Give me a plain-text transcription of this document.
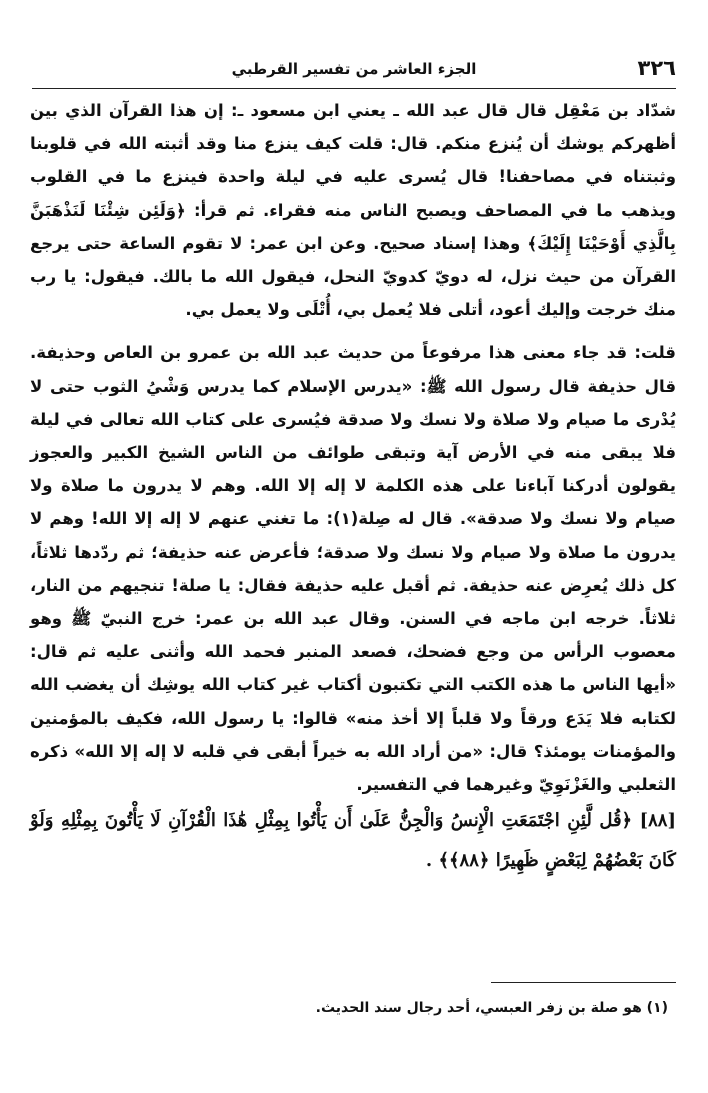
٣٢٦
الجزء العاشر من تفسير القرطبي

شدّاد بن مَعْقِل قال قال عبد الله ـ يعني ابن مسعود ـ: إن هذا القرآن الذي بين أظهركم يوشك أن يُنزع منكم. قال: قلت كيف ينزع منا وقد أثبته الله في قلوبنا وثبتناه في مصاحفنا! قال يُسرى عليه في ليلة واحدة فينزع ما في القلوب ويذهب ما في المصاحف ويصبح الناس منه فقراء. ثم قرأ: ﴿وَلَئِن شِئْنَا لَنَذْهَبَنَّ بِالَّذِي أَوْحَيْنَا إِلَيْكَ﴾ وهذا إسناد صحيح. وعن ابن عمر: لا تقوم الساعة حتى يرجع القرآن من حيث نزل، له دويّ كدويّ النحل، فيقول الله ما بالك. فيقول: يا رب منك خرجت وإليك أعود، أتلى فلا يُعمل بي، أُتْلَى ولا يعمل بي.

قلت: قد جاء معنى هذا مرفوعاً من حديث عبد الله بن عمرو بن العاص وحذيفة. قال حذيفة قال رسول الله ﷺ: «يدرس الإسلام كما يدرس وَشْيُ الثوب حتى لا يُدْرى ما صيام ولا صلاة ولا نسك ولا صدقة فيُسرى على كتاب الله تعالى في ليلة فلا يبقى منه في الأرض آية وتبقى طوائف من الناس الشيخ الكبير والعجوز يقولون أدركنا آباءنا على هذه الكلمة لا إله إلا الله. وهم لا يدرون ما صلاة ولا صيام ولا نسك ولا صدقة». قال له صِلة(١): ما تغني عنهم لا إله إلا الله! وهم لا يدرون ما صلاة ولا صيام ولا نسك ولا صدقة؛ فأعرض عنه حذيفة؛ ثم ردّدها ثلاثاً، كل ذلك يُعرِض عنه حذيفة. ثم أقبل عليه حذيفة فقال: يا صلة! تنجيهم من النار، ثلاثاً. خرجه ابن ماجه في السنن. وقال عبد الله بن عمر: خرج النبيّ ﷺ وهو معصوب الرأس من وجع فضحك، فصعد المنبر فحمد الله وأثنى عليه ثم قال: «أيها الناس ما هذه الكتب التي تكتبون أكتاب غير كتاب الله يوشِك أن يغضب الله لكتابه فلا يَدَع ورقاً ولا قلباً إلا أخذ منه» قالوا: يا رسول الله، فكيف بالمؤمنين والمؤمنات يومئذ؟ قال: «من أراد الله به خيراً أبقى في قلبه لا إله إلا الله» ذكره الثعلبي والغَزْنَوِيّ وغيرهما في التفسير.

[٨٨] ﴿قُل لَّئِنِ اجْتَمَعَتِ الْإِنسُ وَالْجِنُّ عَلَىٰ أَن يَأْتُوا بِمِثْلِ هَٰذَا الْقُرْآنِ لَا يَأْتُونَ بِمِثْلِهِ وَلَوْ كَانَ بَعْضُهُمْ لِبَعْضٍ ظَهِيرًا ﴿٨٨﴾﴾ .

(١) هو صلة بن زفر العبسي، أحد رجال سند الحديث.
